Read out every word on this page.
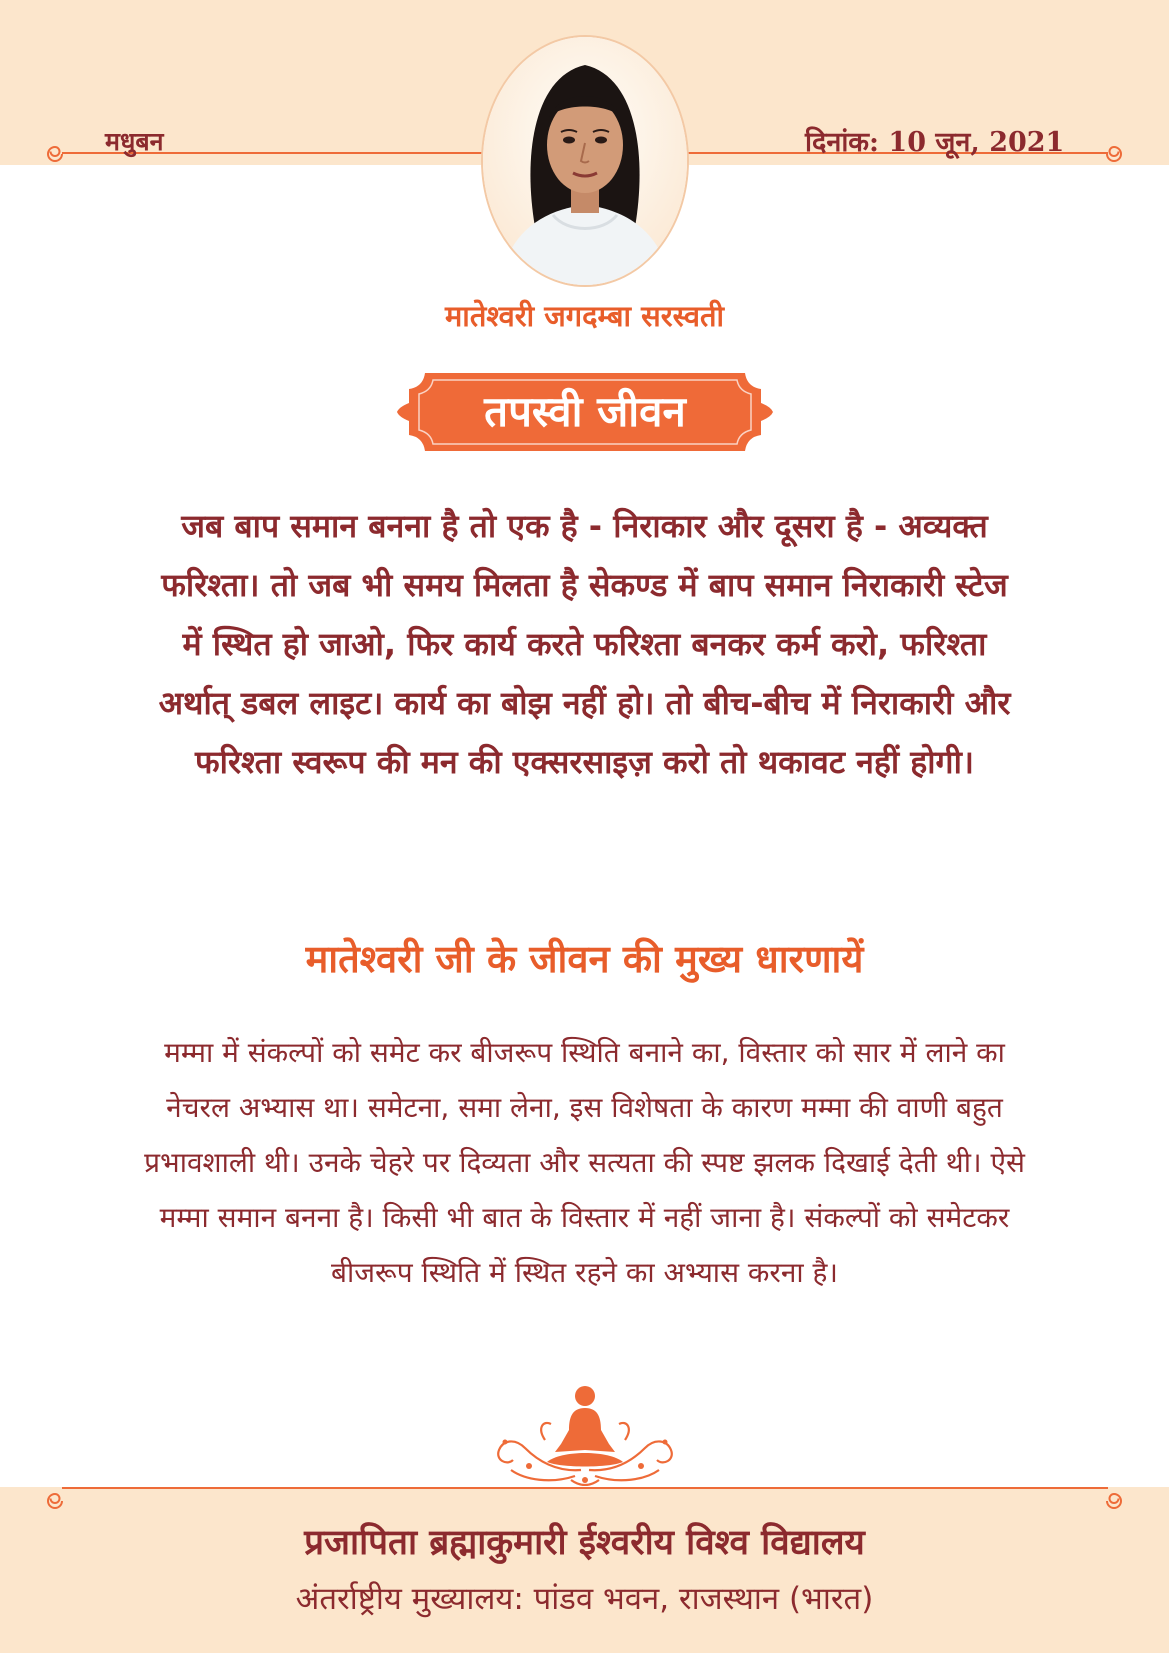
मधुबन	दिनांक: 10 जून, 2021
मातेश्वरी जगदम्बा सरस्वती
तपस्वी जीवन
जब बाप समान बनना है तो एक है - निराकार और दूसरा है - अव्यक्त फरिश्ता। तो जब भी समय मिलता है सेकण्ड में बाप समान निराकारी स्टेज में स्थित हो जाओ, फिर कार्य करते फरिश्ता बनकर कर्म करो, फरिश्ता अर्थात् डबल लाइट। कार्य का बोझ नहीं हो। तो बीच-बीच में निराकारी और फरिश्ता स्वरूप की मन की एक्सरसाइज़ करो तो थकावट नहीं होगी।
मातेश्वरी जी के जीवन की मुख्य धारणायें
मम्मा में संकल्पों को समेट कर बीजरूप स्थिति बनाने का, विस्तार को सार में लाने का नेचरल अभ्यास था। समेटना, समा लेना, इस विशेषता के कारण मम्मा की वाणी बहुत प्रभावशाली थी। उनके चेहरे पर दिव्यता और सत्यता की स्पष्ट झलक दिखाई देती थी। ऐसे मम्मा समान बनना है। किसी भी बात के विस्तार में नहीं जाना है। संकल्पों को समेटकर बीजरूप स्थिति में स्थित रहने का अभ्यास करना है।
प्रजापिता ब्रह्माकुमारी ईश्वरीय विश्व विद्यालय
अंतर्राष्ट्रीय मुख्यालय: पांडव भवन, राजस्थान (भारत)
